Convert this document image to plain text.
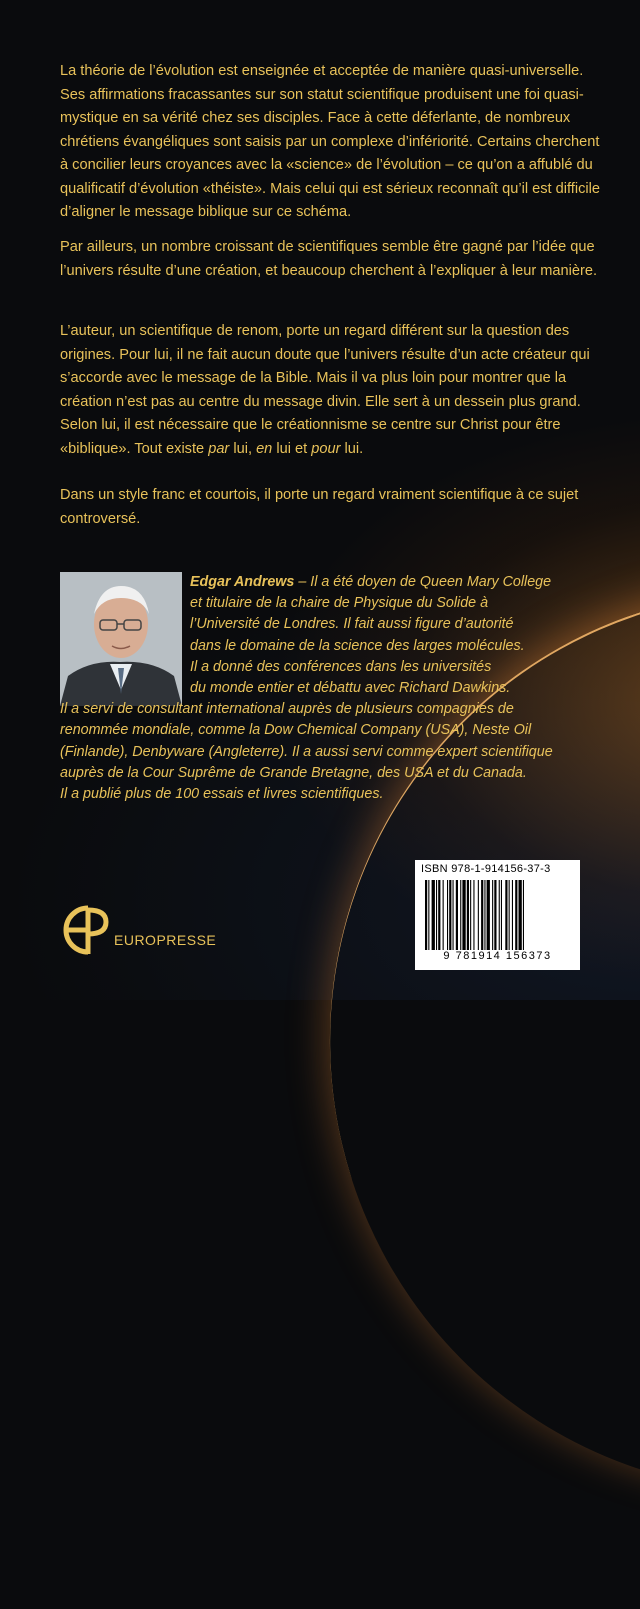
La théorie de l’évolution est enseignée et acceptée de manière quasi-universelle. Ses affirmations fracassantes sur son statut scientifique produisent une foi quasi-mystique en sa vérité chez ses disciples. Face à cette déferlante, de nombreux chrétiens évangéliques sont saisis par un complexe d’infériorité. Certains cherchent à concilier leurs croyances avec la «science» de l’évolution – ce qu’on a affublé du qualificatif d’évolution «théiste». Mais celui qui est sérieux reconnaît qu’il est difficile d’aligner le message biblique sur ce schéma.

Par ailleurs, un nombre croissant de scientifiques semble être gagné par l’idée que l’univers résulte d’une création, et beaucoup cherchent à l’expliquer à leur manière.

L’auteur, un scientifique de renom, porte un regard différent sur la question des origines. Pour lui, il ne fait aucun doute que l’univers résulte d’un acte créateur qui s’accorde avec le message de la Bible. Mais il va plus loin pour montrer que la création n’est pas au centre du message divin. Elle sert à un dessein plus grand. Selon lui, il est nécessaire que le créationnisme se centre sur Christ pour être «biblique». Tout existe par lui, en lui et pour lui.

Dans un style franc et courtois, il porte un regard vraiment scientifique à ce sujet controversé.

Edgar Andrews – Il a été doyen de Queen Mary College
et titulaire de la chaire de Physique du Solide à
l’Université de Londres. Il fait aussi figure d’autorité
dans le domaine de la science des larges molécules.
Il a donné des conférences dans les universités
du monde entier et débattu avec Richard Dawkins.
Il a servi de consultant international auprès de plusieurs compagnies de
renommée mondiale, comme la Dow Chemical Company (USA), Neste Oil
(Finlande), Denbyware (Angleterre). Il a aussi servi comme expert scientifique
auprès de la Cour Suprême de Grande Bretagne, des USA et du Canada.
Il a publié plus de 100 essais et livres scientifiques.
ISBN 978-1-914156-37-3
9 781914 156373
EUROPRESSE
